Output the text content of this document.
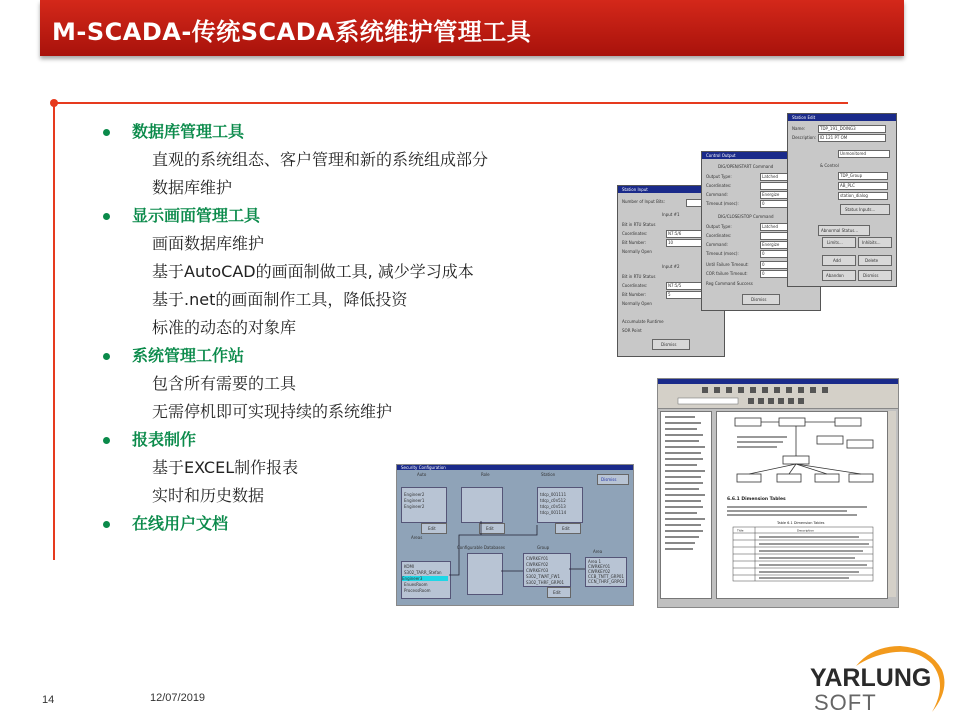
M-SCADA-传统SCADA系统维护管理工具
数据库管理工具
直观的系统组态、客户管理和新的系统组成部分
数据库维护
显示画面管理工具
画面数据库维护
基于AutoCAD的画面制做工具, 减少学习成本
基于.net的画面制作工具，降低投资
标准的动态的对象库
系统管理工作站
包含所有需要的工具
无需停机即可实现持续的系统维护
报表制作
基于EXCEL制作报表
实时和历史数据
在线用户文档
Station Input
Number of Input Bits:
Input #1
Bit in RTU Status
Coordinates:	N7:5/6
Bit Number:	10
Normally Open
Input #2
Bit in RTU Status
Coordinates:	N7:5/5
Bit Number:	5
Normally Open
Accumulate Runtime
SOR Point
Dismiss
Control Output
DIG/OPEN/START Command
Output Type:	Latched
Coordinates:
Command:	Energize
Timeout (msec):	0
DIG/CLOSE/STOP Command
Output Type:	Latched
Coordinates:
Command:	Energize
Timeout (msec):	0
Until Failure Timeout:	0
COR failure Timeout:	0
Reg Command Success
Dismiss
Station Edit
Name:	TDP_191_DOING3
Description: ID 121 PT OM
Unmonitored
& Control
TDP_Group
AB_PLC
station_dialog
Status Inputs...
Abnormal Status...
Limits...	Inhibits...
Add	Delete
Abandon	Dismiss
6.6.1 Dimension Tables
Table 6.1 Dimension Tables
Title	Description
Security Configuration
Auto	Role	Station
Dismiss
Engineer2
Engineer1
Engineer2
tdcp_001111
tdcp_c0n512
tdcp_c0n513
tdcp_001114
Edit	Edit	Edit
Areas
Configurable Databases	Group
Area
KOMI
S302_TARR_Stefan
Engineer3
EnuesRoom
ProcessRoom
CWRKEY01
CWRKEY02
CWRKEY03
S302_TWAT_FW1
S302_THRF_GRP01
Area 1
CWRKEY01
CWRKEY02
CCB_TNTT_GRP01
CCN_THRF_GRP02
Edit
14	12/07/2019
YARLUNG
SOFT
